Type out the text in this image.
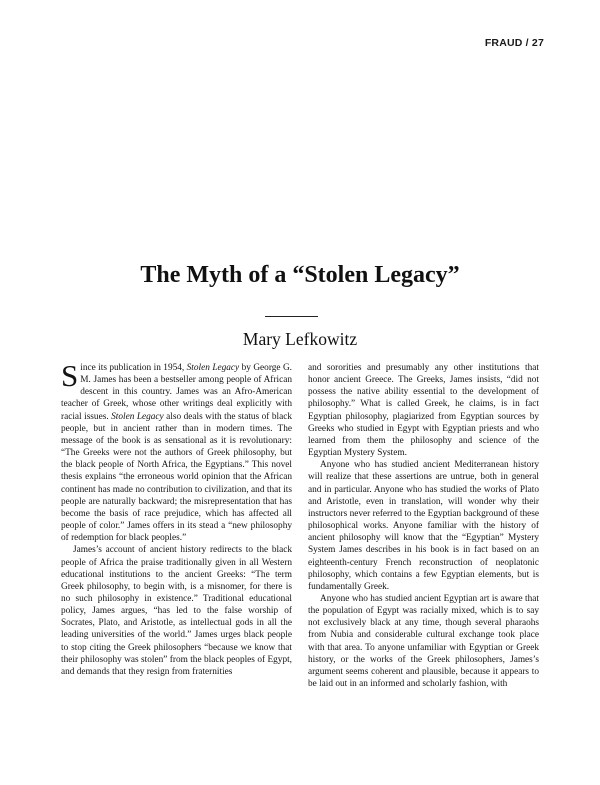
FRAUD / 27
The Myth of a “Stolen Legacy”
Mary Lefkowitz

Since its publication in 1954, Stolen Legacy by George G. M. James has been a bestseller among people of African descent in this country. James was an Afro-American teacher of Greek, whose other writings deal explicitly with racial issues. Stolen Legacy also deals with the status of black people, but in ancient rather than in modern times. The message of the book is as sensational as it is revolutionary: “The Greeks were not the authors of Greek philosophy, but the black people of North Africa, the Egyptians.” This novel thesis explains “the erroneous world opinion that the African continent has made no contribution to civilization, and that its people are naturally backward; the misrepresentation that has become the basis of race prejudice, which has affected all people of color.” James offers in its stead a “new philosophy of redemption for black peoples.”

James’s account of ancient history redirects to the black people of Africa the praise traditionally given in all Western educational institutions to the ancient Greeks: “The term Greek philosophy, to begin with, is a misnomer, for there is no such philosophy in existence.” Traditional educational policy, James argues, “has led to the false worship of Socrates, Plato, and Aristotle, as intellectual gods in all the leading universities of the world.” James urges black people to stop citing the Greek philosophers “because we know that their philosophy was stolen” from the black peoples of Egypt, and demands that they resign from fraternities

and sororities and presumably any other institutions that honor ancient Greece. The Greeks, James insists, “did not possess the native ability essential to the development of philosophy.” What is called Greek, he claims, is in fact Egyptian philosophy, plagiarized from Egyptian sources by Greeks who studied in Egypt with Egyptian priests and who learned from them the philosophy and science of the Egyptian Mystery System.

Anyone who has studied ancient Mediterranean history will realize that these assertions are untrue, both in general and in particular. Anyone who has studied the works of Plato and Aristotle, even in translation, will wonder why their instructors never referred to the Egyptian background of these philosophical works. Anyone familiar with the history of ancient philosophy will know that the “Egyptian” Mystery System James describes in his book is in fact based on an eighteenth-century French reconstruction of neoplatonic philosophy, which contains a few Egyptian elements, but is fundamentally Greek.

Anyone who has studied ancient Egyptian art is aware that the population of Egypt was racially mixed, which is to say not exclusively black at any time, though several pharaohs from Nubia and considerable cultural exchange took place with that area. To anyone unfamiliar with Egyptian or Greek history, or the works of the Greek philosophers, James’s argument seems coherent and plausible, because it appears to be laid out in an informed and scholarly fashion, with
